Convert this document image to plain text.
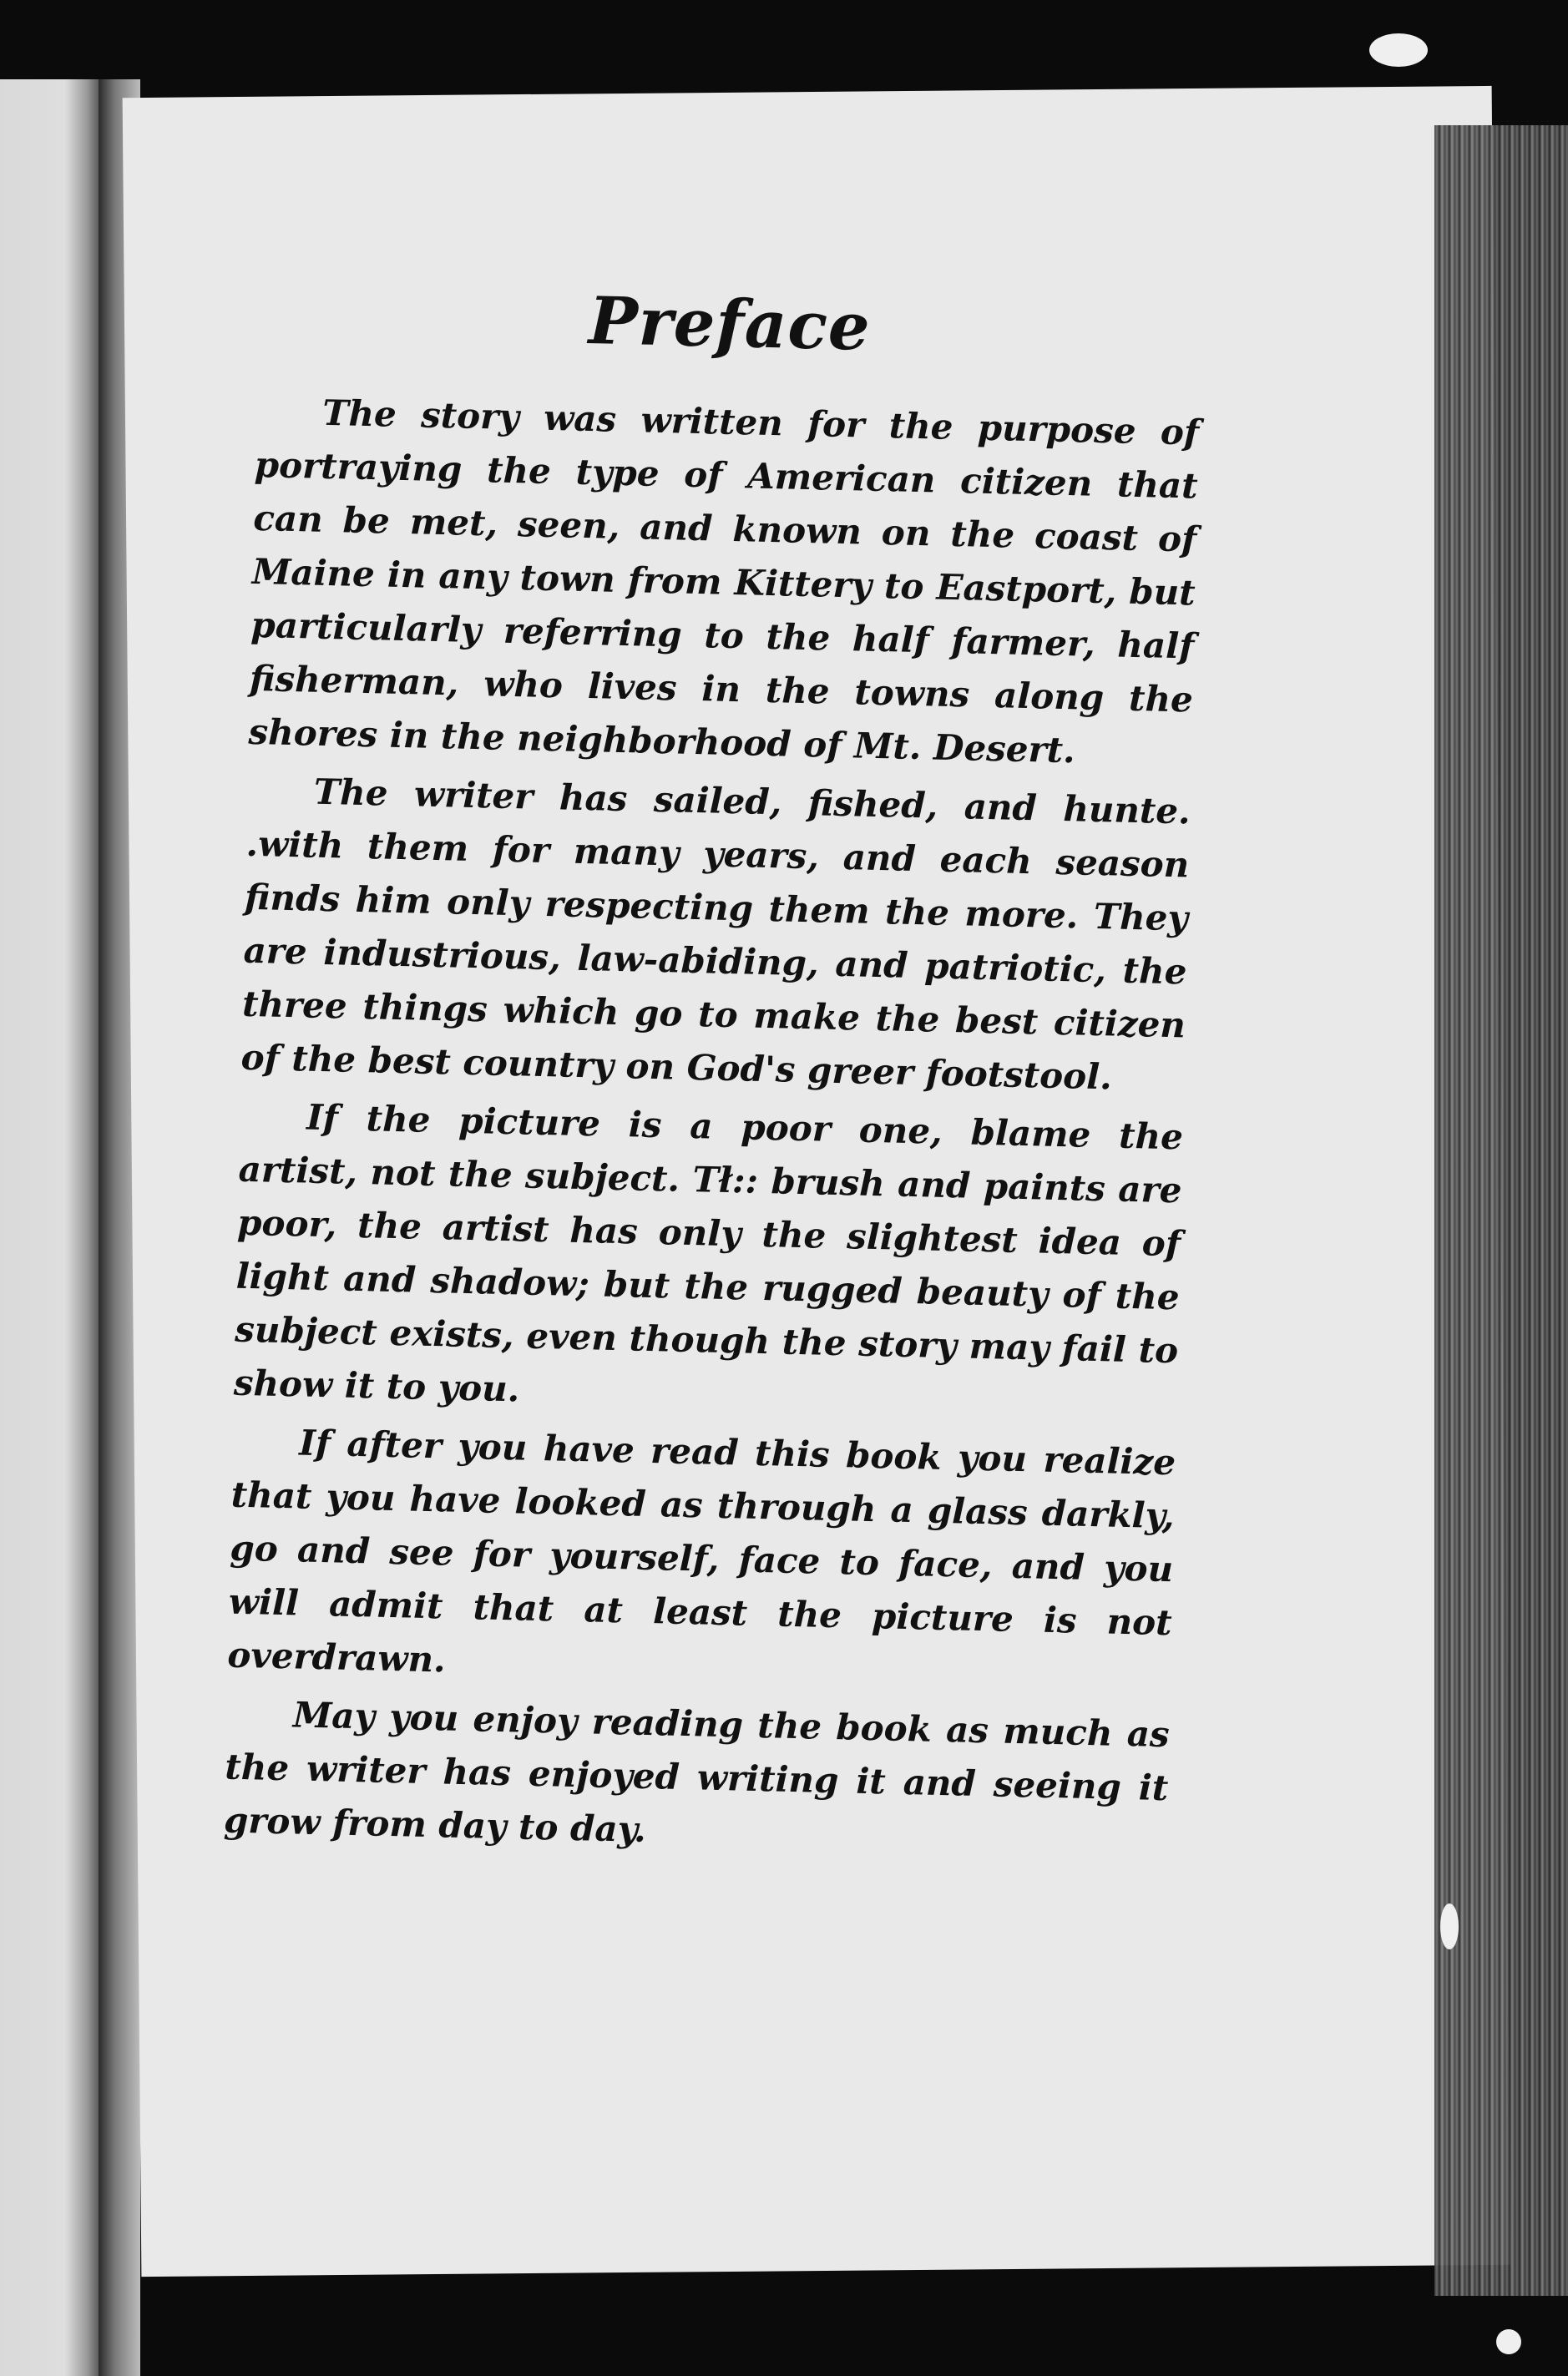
Preface

The story was written for the purpose of portraying the type of American citizen that can be met, seen, and known on the coast of Maine in any town from Kittery to Eastport, but particularly referring to the half farmer, half fisherman, who lives in the towns along the shores in the neighborhood of Mt. Desert.

The writer has sailed, fished, and hunte. .with them for many years, and each season finds him only respecting them the more. They are industrious, law-abiding, and patriotic, the three things which go to make the best citizen of the best country on God's greer footstool.

If the picture is a poor one, blame the artist, not the subject. Tł:: brush and paints are poor, the artist has only the slightest idea of light and shadow; but the rugged beauty of the subject exists, even though the story may fail to show it to you.

If after you have read this book you realize that you have looked as through a glass darkly, go and see for yourself, face to face, and you will admit that at least the picture is not overdrawn.

May you enjoy reading the book as much as the writer has enjoyed writing it and seeing it grow from day to day.
